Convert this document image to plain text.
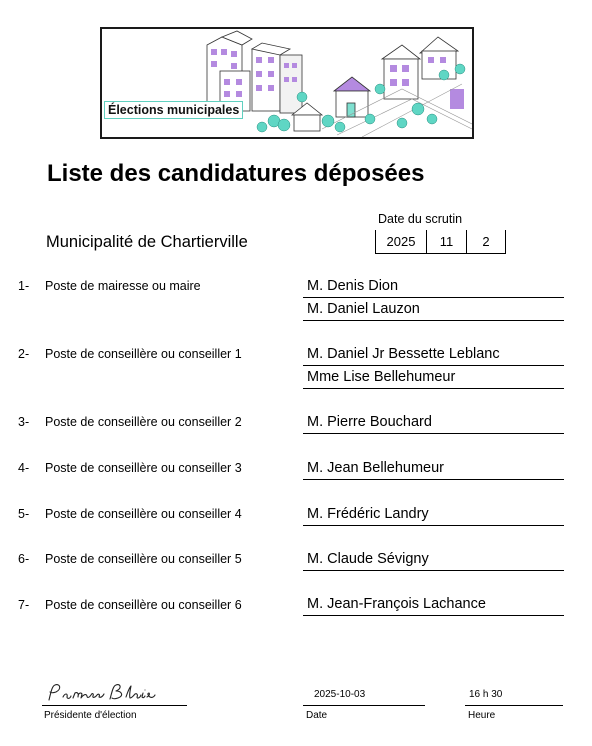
Élections municipales
Liste des candidatures déposées
Municipalité de Chartierville
Date du scrutin
2025	11	2
1- Poste de mairesse ou maire	M. Denis Dion
M. Daniel Lauzon
2- Poste de conseillère ou conseiller 1	M. Daniel Jr Bessette Leblanc
Mme Lise Bellehumeur
3- Poste de conseillère ou conseiller 2	M. Pierre Bouchard
4- Poste de conseillère ou conseiller 3	M. Jean Bellehumeur
5- Poste de conseillère ou conseiller 4	M. Frédéric Landry
6- Poste de conseillère ou conseiller 5	M. Claude Sévigny
7- Poste de conseillère ou conseiller 6	M. Jean-François Lachance
Présidente d'élection
2025-10-03
Date
16 h 30
Heure
